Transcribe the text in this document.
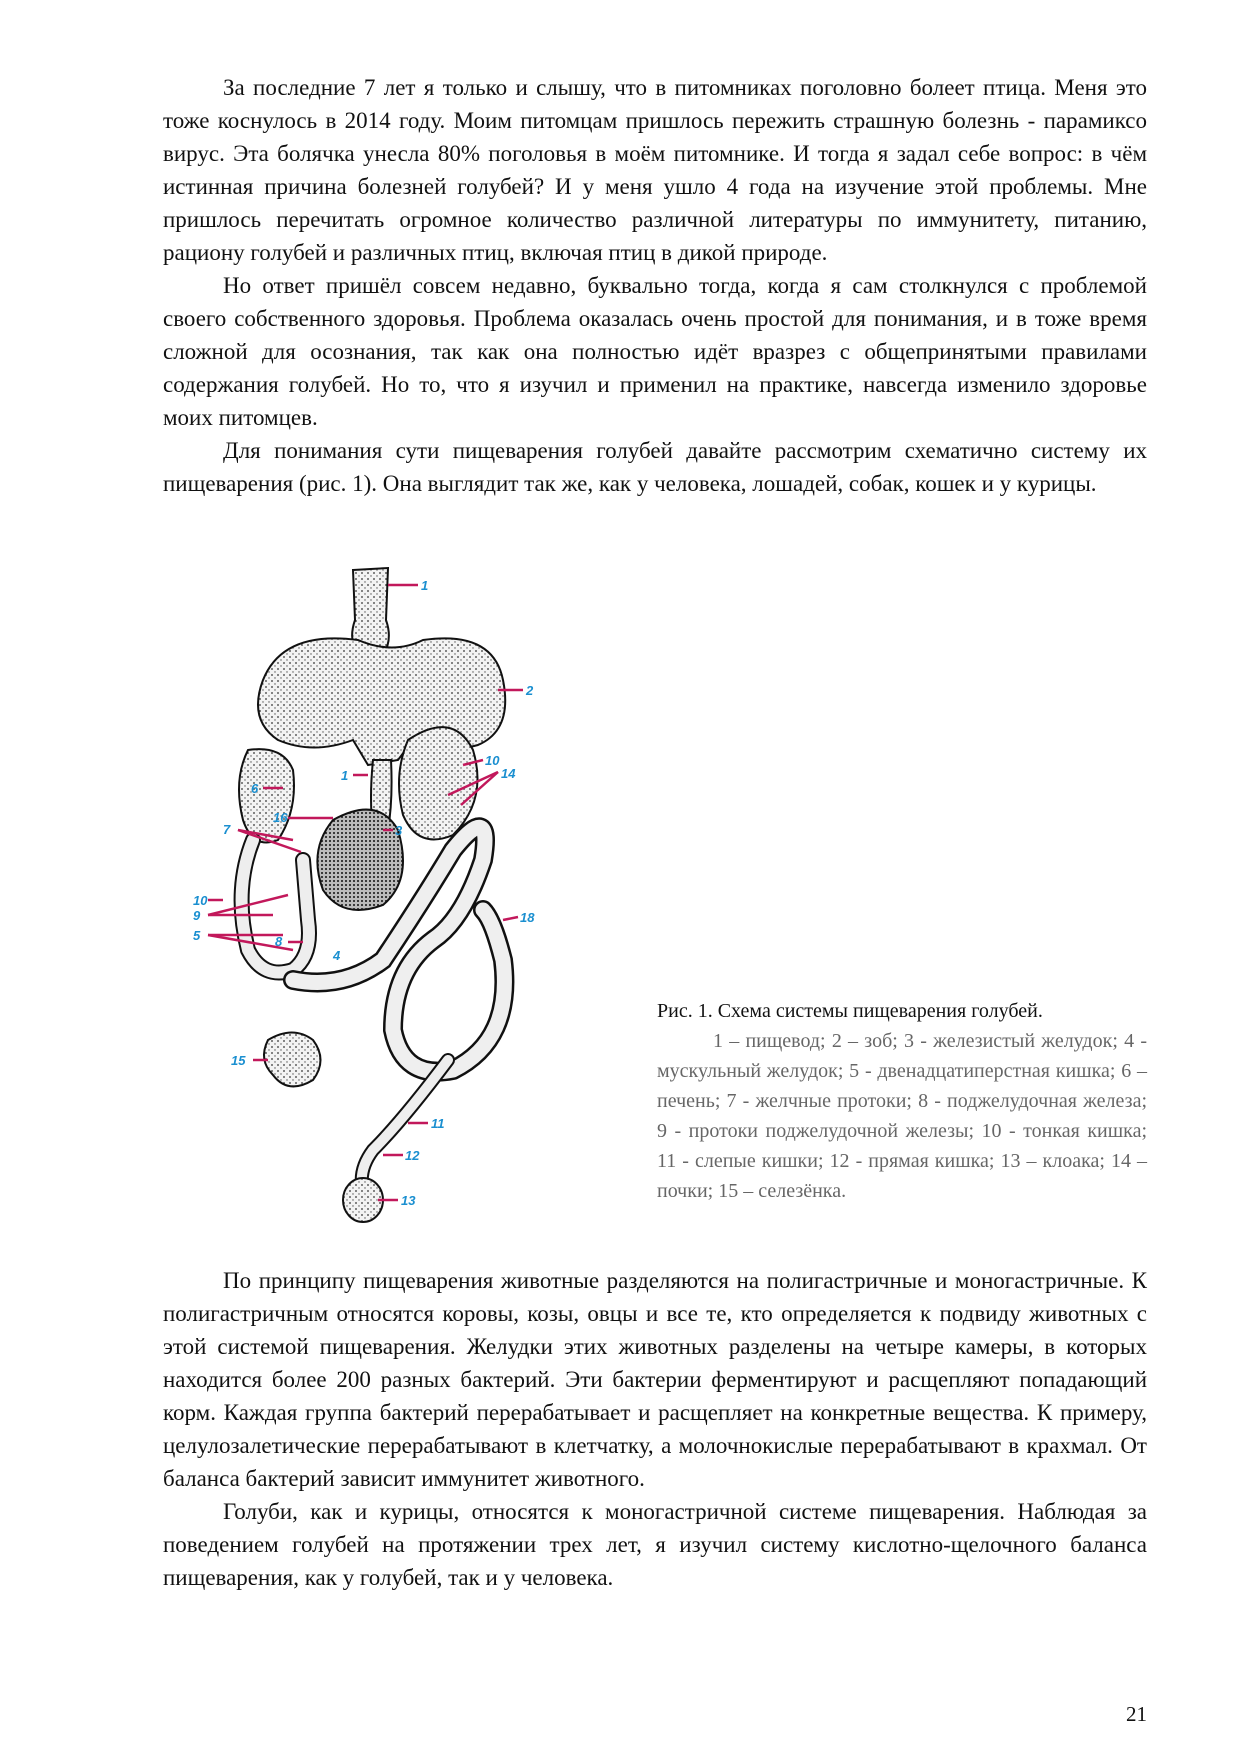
За последние 7 лет я только и слышу, что в питомниках поголовно болеет птица. Меня это тоже коснулось в 2014 году. Моим питомцам пришлось пережить страшную болезнь - парамиксо вирус. Эта болячка унесла 80% поголовья в моём питомнике. И тогда я задал себе вопрос: в чём истинная причина болезней голубей? И у меня ушло 4 года на изучение этой проблемы. Мне пришлось перечитать огромное количество различной литературы по иммунитету, питанию, рациону голубей и различных птиц, включая птиц в дикой природе.

Но ответ пришёл совсем недавно, буквально тогда, когда я сам столкнулся с проблемой своего собственного здоровья. Проблема оказалась очень простой для понимания, и в тоже время сложной для осознания, так как она полностью идёт вразрез с общепринятыми правилами содержания голубей. Но то, что я изучил и применил на практике, навсегда изменило здоровье моих питомцев.

Для понимания сути пищеварения голубей давайте рассмотрим схематично систему их пищеварения (рис. 1). Она выглядит так же, как у человека, лошадей, собак, кошек и у курицы.

1
2
1
10
14
6
16
7	3
10
9
5	8
4
18
15
11
12
13

Рис. 1. Схема системы пищеварения голубей.

1 – пищевод; 2 – зоб; 3 - железистый желудок; 4 - мускульный желудок; 5 - двенадцатиперстная кишка; 6 – печень; 7 - желчные протоки; 8 - поджелудочная железа; 9 - протоки поджелудочной железы; 10 - тонкая кишка; 11 - слепые кишки; 12 - прямая кишка; 13 – клоака; 14 – почки; 15 – селезёнка.

По принципу пищеварения животные разделяются на полигастричные и моногастричные. К полигастричным относятся коровы, козы, овцы и все те, кто определяется к подвиду животных с этой системой пищеварения. Желудки этих животных разделены на четыре камеры, в которых находится более 200 разных бактерий. Эти бактерии ферментируют и расщепляют попадающий корм. Каждая группа бактерий перерабатывает и расщепляет на конкретные вещества. К примеру, целулозалетические перерабатывают в клетчатку, а молочнокислые перерабатывают в крахмал. От баланса бактерий зависит иммунитет животного.

Голуби, как и курицы, относятся к моногастричной системе пищеварения. Наблюдая за поведением голубей на протяжении трех лет, я изучил систему кислотно-щелочного баланса пищеварения, как у голубей, так и у человека.

21
